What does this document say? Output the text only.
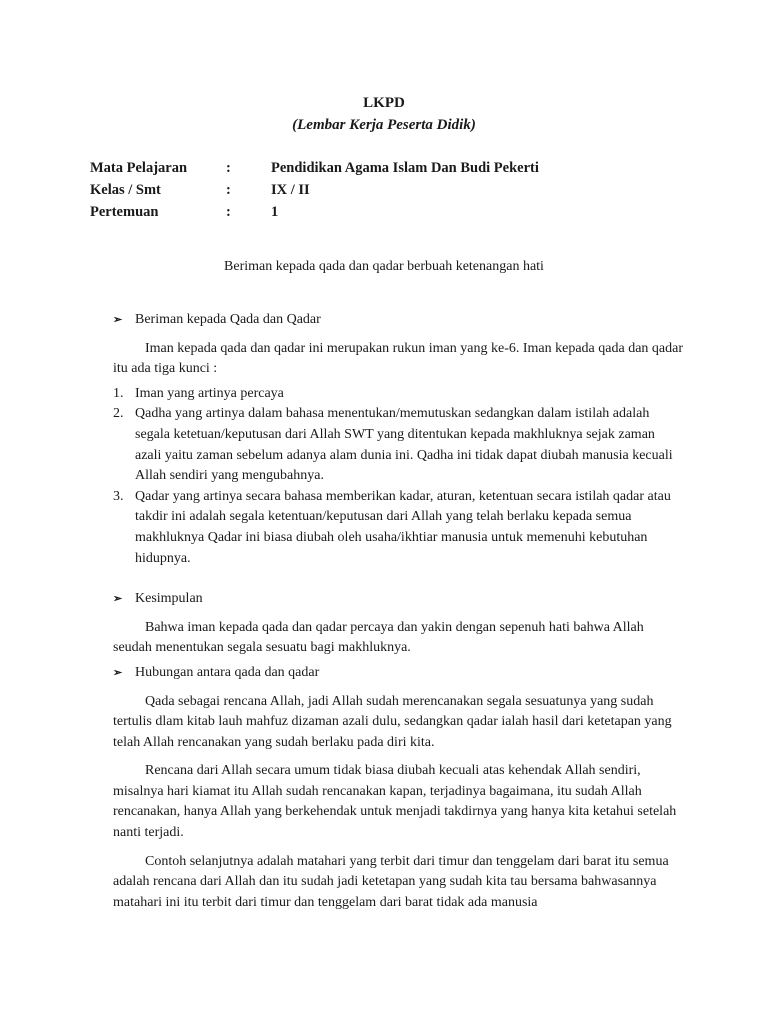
LKPD

(Lembar Kerja Peserta Didik)

Mata Pelajaran	:	Pendidikan Agama Islam Dan Budi Pekerti
Kelas / Smt	:	IX / II
Pertemuan	:	1

Beriman kepada qada dan qadar berbuah ketenangan hati

➢ Beriman kepada Qada dan Qadar

Iman kepada qada dan qadar ini merupakan rukun iman yang ke-6. Iman kepada qada dan qadar itu ada tiga kunci :

1. Iman yang artinya percaya
2. Qadha yang artinya dalam bahasa menentukan/memutuskan sedangkan dalam istilah adalah segala ketetuan/keputusan dari Allah SWT yang ditentukan kepada makhluknya sejak zaman azali yaitu zaman sebelum adanya alam dunia ini. Qadha ini tidak dapat diubah manusia kecuali Allah sendiri yang mengubahnya.
3. Qadar yang artinya secara bahasa memberikan kadar, aturan, ketentuan secara istilah qadar atau takdir ini adalah segala ketentuan/keputusan dari Allah yang telah berlaku kepada semua makhluknya Qadar ini biasa diubah oleh usaha/ikhtiar manusia untuk memenuhi kebutuhan hidupnya.

➢ Kesimpulan

Bahwa iman kepada qada dan qadar percaya dan yakin dengan sepenuh hati bahwa Allah seudah menentukan segala sesuatu bagi makhluknya.

➢ Hubungan antara qada dan qadar

Qada sebagai rencana Allah, jadi Allah sudah merencanakan segala sesuatunya yang sudah tertulis dlam kitab lauh mahfuz dizaman azali dulu, sedangkan qadar ialah hasil dari ketetapan yang telah Allah rencanakan yang sudah berlaku pada diri kita.

Rencana dari Allah secara umum tidak biasa diubah kecuali atas kehendak Allah sendiri, misalnya hari kiamat itu Allah sudah rencanakan kapan, terjadinya bagaimana, itu sudah Allah rencanakan, hanya Allah yang berkehendak untuk menjadi takdirnya yang hanya kita ketahui setelah nanti terjadi.

Contoh selanjutnya adalah matahari yang terbit dari timur dan tenggelam dari barat itu semua adalah rencana dari Allah dan itu sudah jadi ketetapan yang sudah kita tau bersama bahwasannya matahari ini itu terbit dari timur dan tenggelam dari barat tidak ada manusia
